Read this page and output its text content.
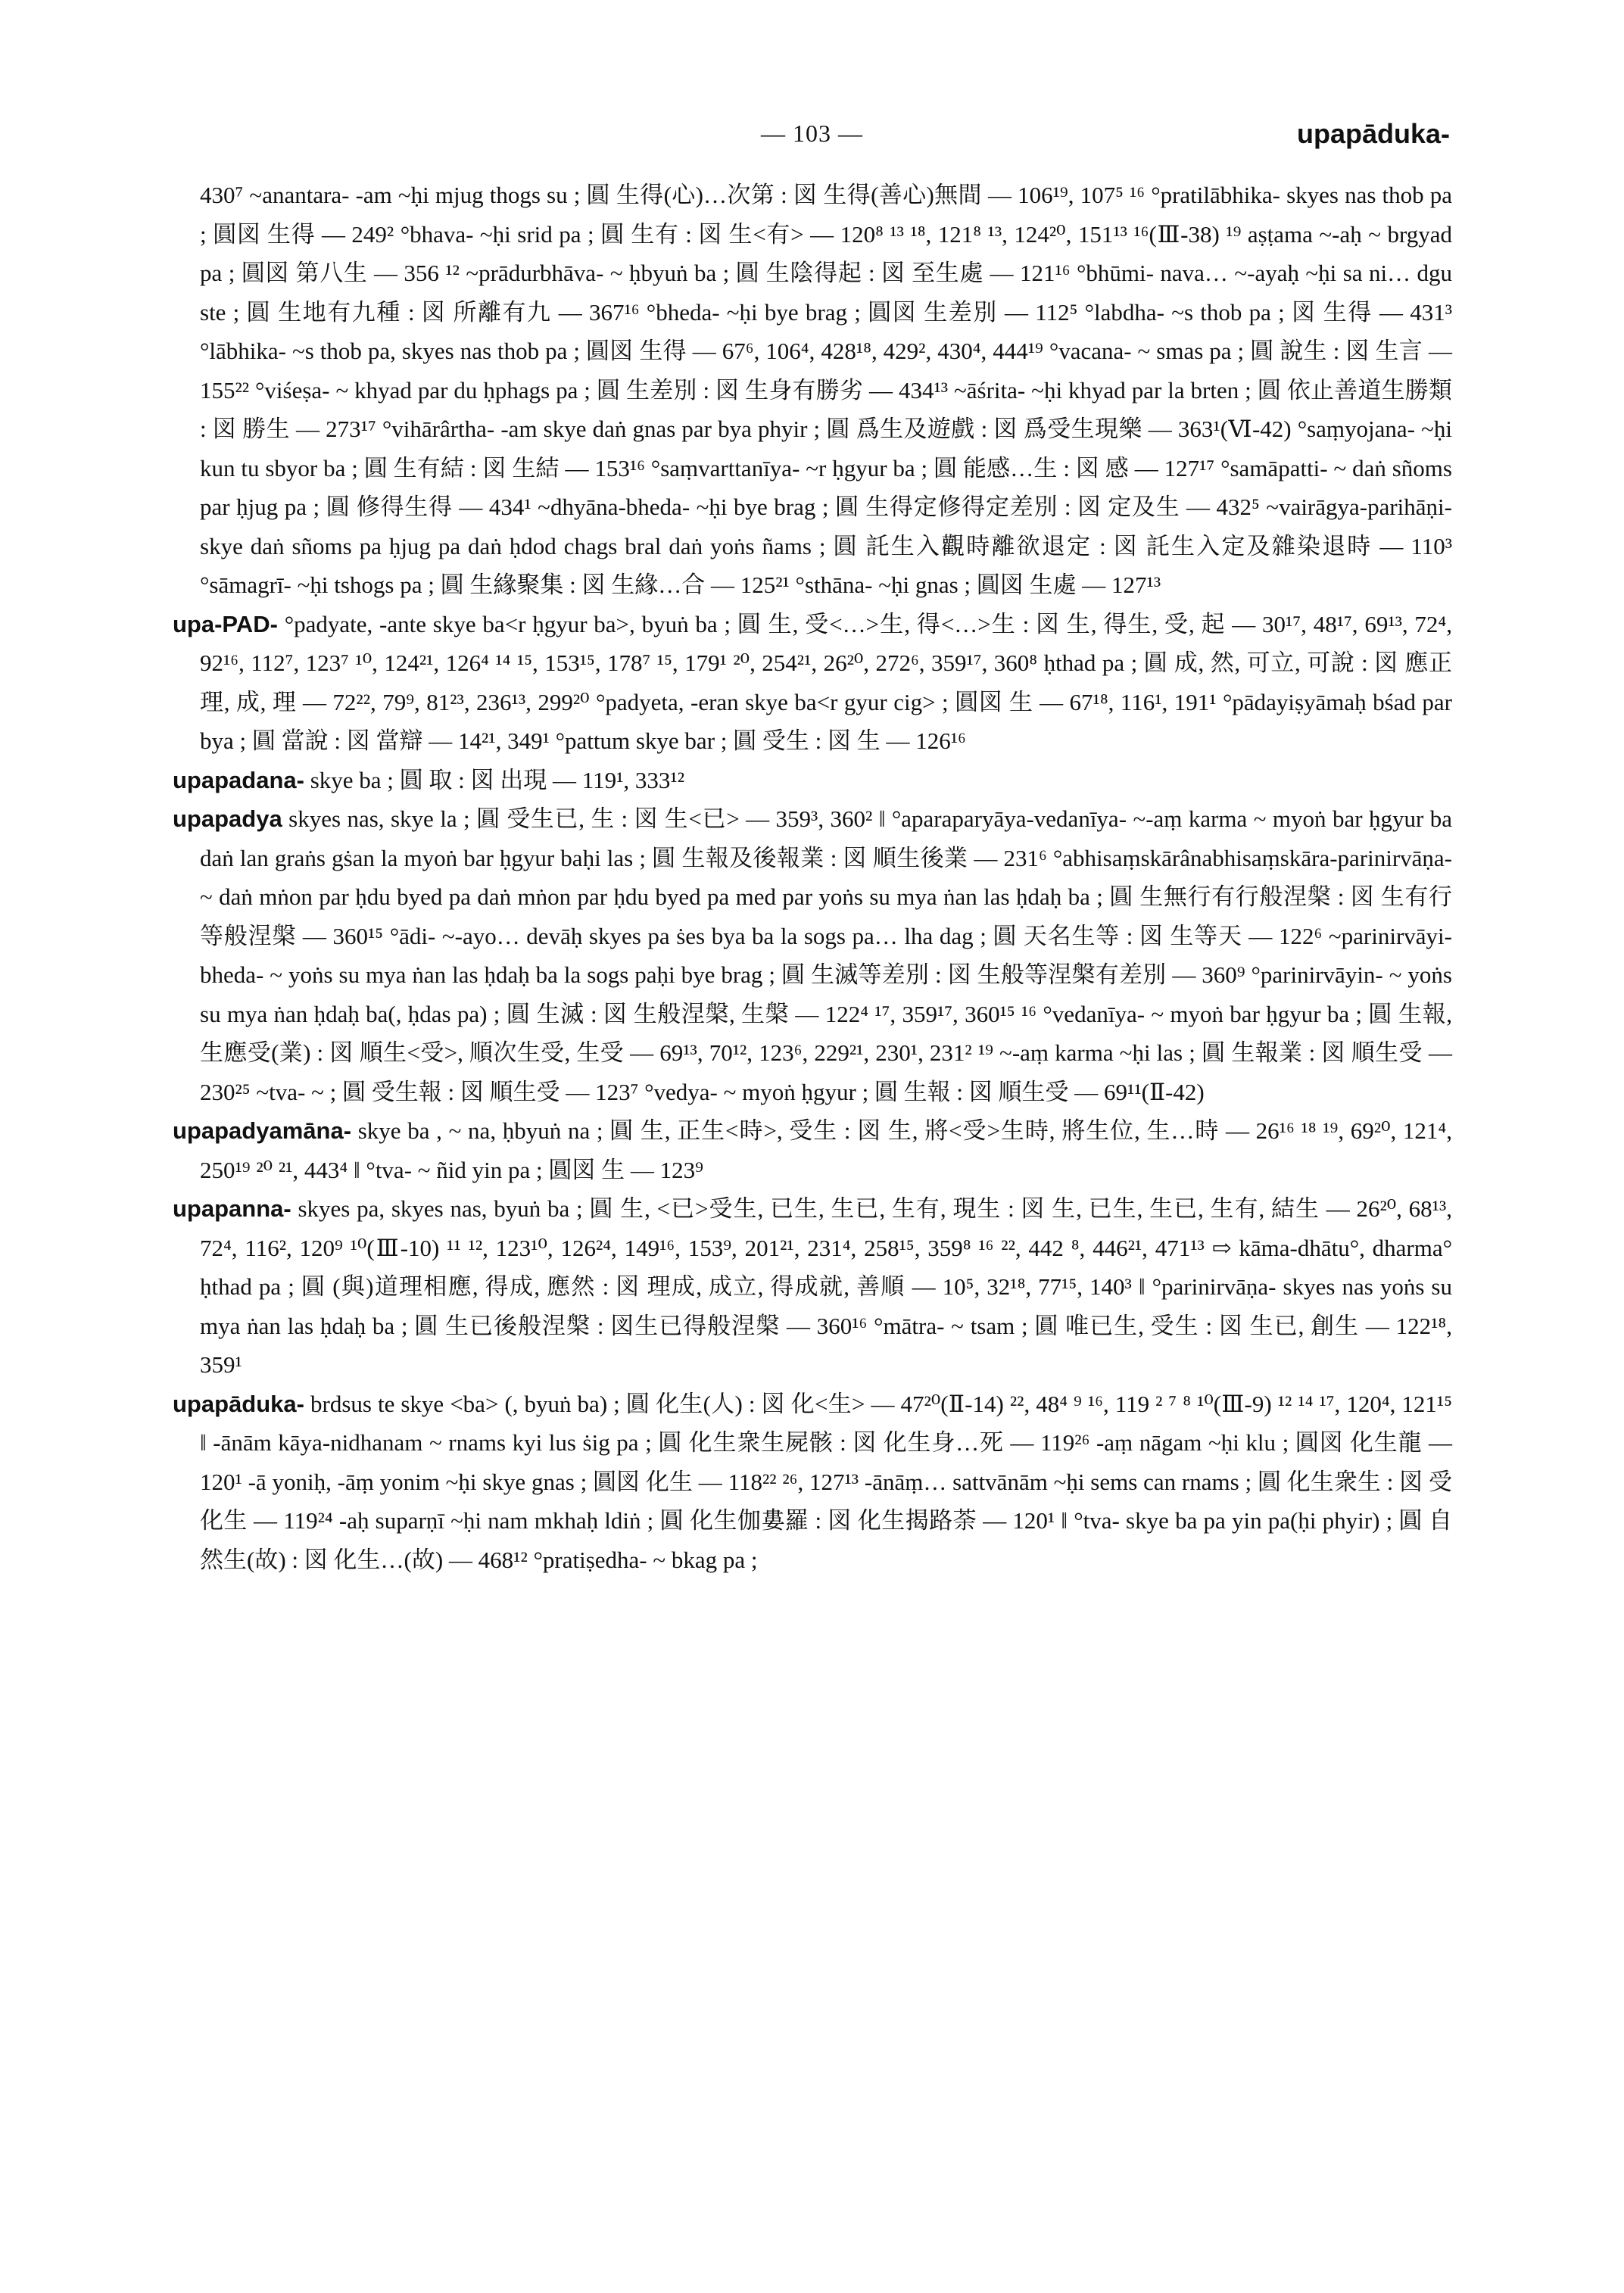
— 103 —	upapāduka-

430⁷ ~anantara- -am ~ḥi mjug thogs su ; 圓 生得(心)…次第 : 図 生得(善心)無間 — 106¹⁹, 107⁵ ¹⁶ °pratilābhika- skyes nas thob pa ; 圓図 生得 — 249² °bhava- ~ḥi srid pa ; 圓 生有 : 図 生<有> — 120⁸ ¹³ ¹⁸, 121⁸ ¹³, 124²⁰, 151¹³ ¹⁶(Ⅲ-38) ¹⁹ aṣṭama ~-aḥ ~ brgyad pa ; 圓図 第八生 — 356 ¹² ~prādurbhāva- ~ ḥbyuṅ ba ; 圓 生陰得起 : 図 至生處 — 121¹⁶ °bhūmi- nava… ~-ayaḥ ~ḥi sa ni… dgu ste ; 圓 生地有九種 : 図 所離有九 — 367¹⁶ °bheda- ~ḥi bye brag ; 圓図 生差別 — 112⁵ °labdha- ~s thob pa ; 図 生得 — 431³ °lābhika- ~s thob pa, skyes nas thob pa ; 圓図 生得 — 67⁶, 106⁴, 428¹⁸, 429², 430⁴, 444¹⁹ °vacana- ~ smas pa ; 圓 說生 : 図 生言 — 155²² °viśeṣa- ~ khyad par du ḥphags pa ; 圓 生差別 : 図 生身有勝劣 — 434¹³ ~āśrita- ~ḥi khyad par la brten ; 圓 依止善道生勝類 : 図 勝生 — 273¹⁷ °vihārârtha- -am skye daṅ gnas par bya phyir ; 圓 爲生及遊戲 : 図 爲受生現樂 — 363¹(Ⅵ-42) °saṃyojana- ~ḥi kun tu sbyor ba ; 圓 生有結 : 図 生結 — 153¹⁶ °saṃvarttanīya- ~r ḥgyur ba ; 圓 能感…生 : 図 感 — 127¹⁷ °samāpatti- ~ daṅ sñoms par ḥjug pa ; 圓 修得生得 — 434¹ ~dhyāna-bheda- ~ḥi bye brag ; 圓 生得定修得定差別 : 図 定及生 — 432⁵ ~vairāgya-parihāṇi- skye daṅ sñoms pa ḥjug pa daṅ ḥdod chags bral daṅ yoṅs ñams ; 圓 託生入觀時離欲退定 : 図 託生入定及雜染退時 — 110³ °sāmagrī- ~ḥi tshogs pa ; 圓 生緣聚集 : 図 生緣…合 — 125²¹ °sthāna- ~ḥi gnas ; 圓図 生處 — 127¹³

upa-PAD- °padyate, -ante skye ba<r ḥgyur ba>, byuṅ ba ; 圓 生, 受<…>生, 得<…>生 : 図 生, 得生, 受, 起 — 30¹⁷, 48¹⁷, 69¹³, 72⁴, 92¹⁶, 112⁷, 123⁷ ¹⁰, 124²¹, 126⁴ ¹⁴ ¹⁵, 153¹⁵, 178⁷ ¹⁵, 179¹ ²⁰, 254²¹, 26²⁰, 272⁶, 359¹⁷, 360⁸ ḥthad pa ; 圓 成, 然, 可立, 可說 : 図 應正理, 成, 理 — 72²², 79⁹, 81²³, 236¹³, 299²⁰ °padyeta, -eran skye ba<r gyur cig> ; 圓図 生 — 67¹⁸, 116¹, 191¹ °pādayiṣyāmaḥ bśad par bya ; 圓 當說 : 図 當辯 — 14²¹, 349¹ °pattum skye bar ; 圓 受生 : 図 生 — 126¹⁶

upapadana- skye ba ; 圓 取 : 図 出現 — 119¹, 333¹²

upapadya skyes nas, skye la ; 圓 受生已, 生 : 図 生<已> — 359³, 360² ‖ °aparaparyāya-vedanīya- ~-aṃ karma ~ myoṅ bar ḥgyur ba daṅ lan graṅs gṡan la myoṅ bar ḥgyur baḥi las ; 圓 生報及後報業 : 図 順生後業 — 231⁶ °abhisaṃskārânabhisaṃskāra-parinirvāṇa- ~ daṅ mṅon par ḥdu byed pa daṅ mṅon par ḥdu byed pa med par yoṅs su mya ṅan las ḥdaḥ ba ; 圓 生無行有行般涅槃 : 図 生有行等般涅槃 — 360¹⁵ °ādi- ~-ayo… devāḥ skyes pa ṡes bya ba la sogs pa… lha dag ; 圓 天名生等 : 図 生等天 — 122⁶ ~parinirvāyi-bheda- ~ yoṅs su mya ṅan las ḥdaḥ ba la sogs paḥi bye brag ; 圓 生滅等差別 : 図 生般等涅槃有差別 — 360⁹ °parinirvāyin- ~ yoṅs su mya ṅan ḥdaḥ ba(, ḥdas pa) ; 圓 生滅 : 図 生般涅槃, 生槃 — 122⁴ ¹⁷, 359¹⁷, 360¹⁵ ¹⁶ °vedanīya- ~ myoṅ bar ḥgyur ba ; 圓 生報, 生應受(業) : 図 順生<受>, 順次生受, 生受 — 69¹³, 70¹², 123⁶, 229²¹, 230¹, 231² ¹⁹ ~-aṃ karma ~ḥi las ; 圓 生報業 : 図 順生受 — 230²⁵ ~tva- ~ ; 圓 受生報 : 図 順生受 — 123⁷ °vedya- ~ myoṅ ḥgyur ; 圓 生報 : 図 順生受 — 69¹¹(Ⅱ-42)

upapadyamāna- skye ba , ~ na, ḥbyuṅ na ; 圓 生, 正生<時>, 受生 : 図 生, 將<受>生時, 將生位, 生…時 — 26¹⁶ ¹⁸ ¹⁹, 69²⁰, 121⁴, 250¹⁹ ²⁰ ²¹, 443⁴ ‖ °tva- ~ ñid yin pa ; 圓図 生 — 123⁹

upapanna- skyes pa, skyes nas, byuṅ ba ; 圓 生, <已>受生, 已生, 生已, 生有, 現生 : 図 生, 已生, 生已, 生有, 結生 — 26²⁰, 68¹³, 72⁴, 116², 120⁹ ¹⁰(Ⅲ-10) ¹¹ ¹², 123¹⁰, 126²⁴, 149¹⁶, 153⁹, 201²¹, 231⁴, 258¹⁵, 359⁸ ¹⁶ ²², 442 ⁸, 446²¹, 471¹³ ⇨ kāma-dhātu°, dharma° ḥthad pa ; 圓 (與)道理相應, 得成, 應然 : 図 理成, 成立, 得成就, 善順 — 10⁵, 32¹⁸, 77¹⁵, 140³ ‖ °parinirvāṇa- skyes nas yoṅs su mya ṅan las ḥdaḥ ba ; 圓 生已後般涅槃 : 図生已得般涅槃 — 360¹⁶ °mātra- ~ tsam ; 圓 唯已生, 受生 : 図 生已, 創生 — 122¹⁸, 359¹

upapāduka- brdsus te skye <ba> (, byuṅ ba) ; 圓 化生(人) : 図 化<生> — 47²⁰(Ⅱ-14) ²², 48⁴ ⁹ ¹⁶, 119 ² ⁷ ⁸ ¹⁰(Ⅲ-9) ¹² ¹⁴ ¹⁷, 120⁴, 121¹⁵ ‖ -ānām kāya-nidhanam ~ rnams kyi lus ṡig pa ; 圓 化生衆生屍骸 : 図 化生身…死 — 119²⁶ -aṃ nāgam ~ḥi klu ; 圓図 化生龍 — 120¹ -ā yoniḥ, -āṃ yonim ~ḥi skye gnas ; 圓図 化生 — 118²² ²⁶, 127¹³ -ānāṃ… sattvānām ~ḥi sems can rnams ; 圓 化生衆生 : 図 受化生 — 119²⁴ -aḥ suparṇī ~ḥi nam mkhaḥ ldiṅ ; 圓 化生伽婁羅 : 図 化生揭路荼 — 120¹ ‖ °tva- skye ba pa yin pa(ḥi phyir) ; 圓 自然生(故) : 図 化生…(故) — 468¹² °pratiṣedha- ~ bkag pa ;
